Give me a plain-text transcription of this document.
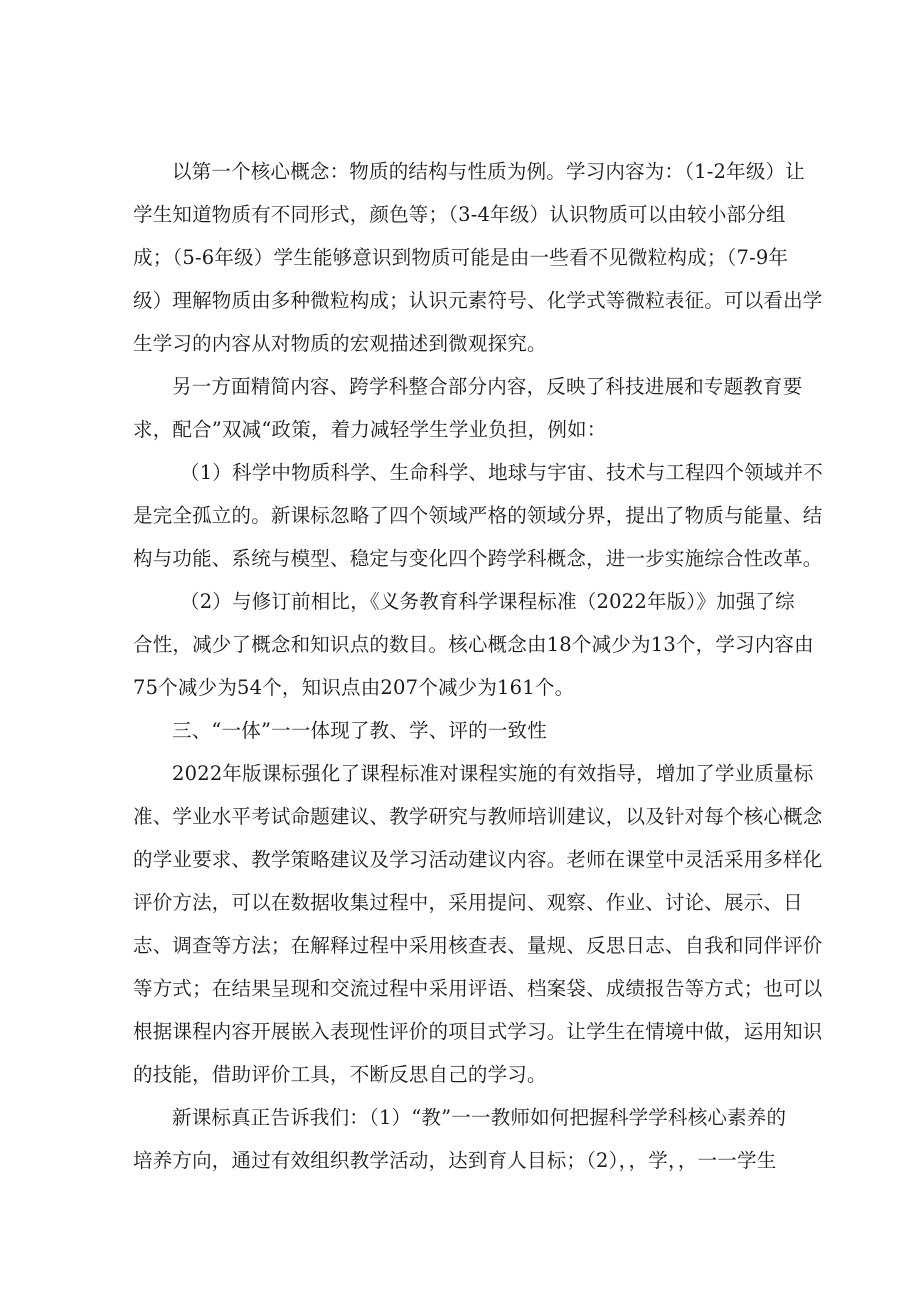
以第一个核心概念：物质的结构与性质为例。学习内容为：（1-2年级）让

学生知道物质有不同形式，颜色等；（3-4年级）认识物质可以由较小部分组

成；（5-6年级）学生能够意识到物质可能是由一些看不见微粒构成；（7-9年

级）理解物质由多种微粒构成；认识元素符号、化学式等微粒表征。可以看出学

生学习的内容从对物质的宏观描述到微观探究。

另一方面精简内容、跨学科整合部分内容，反映了科技进展和专题教育要

求，配合”双减“政策，着力减轻学生学业负担，例如：

（1）科学中物质科学、生命科学、地球与宇宙、技术与工程四个领域并不

是完全孤立的。新课标忽略了四个领域严格的领域分界，提出了物质与能量、结

构与功能、系统与模型、稳定与变化四个跨学科概念，进一步实施综合性改革。

（2）与修订前相比，《义务教育科学课程标准（2022年版）》加强了综

合性，减少了概念和知识点的数目。核心概念由18个减少为13个，学习内容由

75个减少为54个，知识点由207个减少为161个。

三、“一体”一一体现了教、学、评的一致性

2022年版课标强化了课程标准对课程实施的有效指导，增加了学业质量标

准、学业水平考试命题建议、教学研究与教师培训建议，以及针对每个核心概念

的学业要求、教学策略建议及学习活动建议内容。老师在课堂中灵活采用多样化

评价方法，可以在数据收集过程中，采用提问、观察、作业、讨论、展示、日

志、调查等方法；在解释过程中采用核查表、量规、反思日志、自我和同伴评价

等方式；在结果呈现和交流过程中采用评语、档案袋、成绩报告等方式；也可以

根据课程内容开展嵌入表现性评价的项目式学习。让学生在情境中做，运用知识

的技能，借助评价工具，不断反思自己的学习。

新课标真正告诉我们：（1）“教”一一教师如何把握科学学科核心素养的

培养方向，通过有效组织教学活动，达到育人目标；（2），，学，，一一学生
